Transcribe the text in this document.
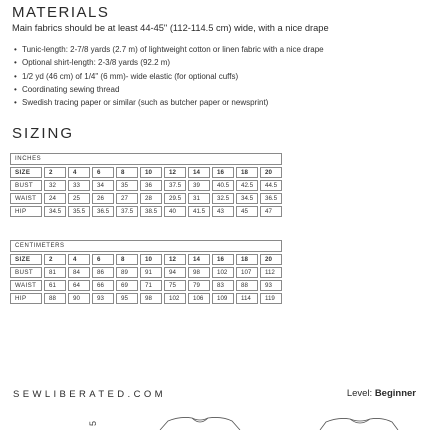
MATERIALS
Main fabrics should be at least 44-45" (112-114.5 cm) wide, with a nice drape
• Tunic-length: 2-7/8 yards (2.7 m) of lightweight cotton or linen fabric with a nice drape
• Optional shirt-length: 2-3/8 yards (92.2 m)
• 1/2 yd (46 cm) of 1/4" (6 mm)- wide elastic (for optional cuffs)
• Coordinating sewing thread
• Swedish tracing paper or similar (such as butcher paper or newsprint)
SIZING
INCHES										
SIZE	2	4	6	8	10	12	14	16	18	20
BUST	32	33	34	35	36	37.5	39	40.5	42.5	44.5
WAIST	24	25	26	27	28	29.5	31	32.5	34.5	36.5
HIP	34.5	35.5	36.5	37.5	38.5	40	41.5	43	45	47
CENTIMETERS										
SIZE	2	4	6	8	10	12	14	16	18	20
BUST	81	84	86	89	91	94	98	102	107	112
WAIST	61	64	66	69	71	75	79	83	88	93
HIP	88	90	93	95	98	102	106	109	114	119
SEWLIBERATED.COM	Level: Beginner
5
